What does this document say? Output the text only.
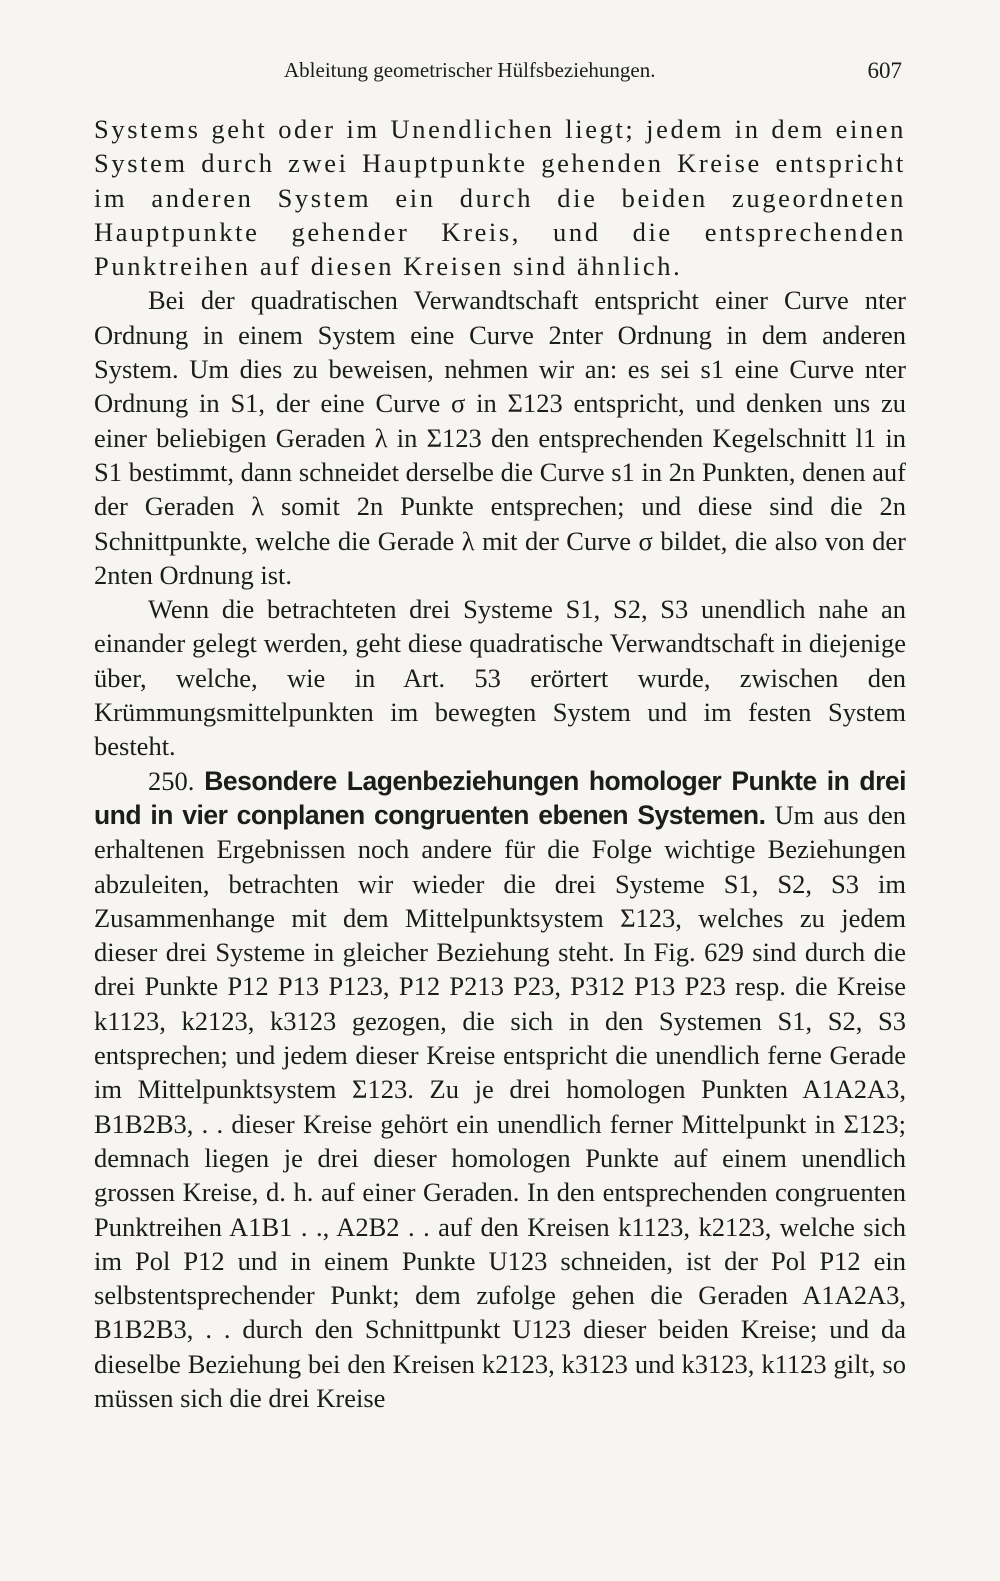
Ableitung geometrischer Hülfsbeziehungen.	607

Systems geht oder im Unendlichen liegt; jedem in dem einen System durch zwei Hauptpunkte gehenden Kreise entspricht im anderen System ein durch die beiden zugeordneten Hauptpunkte gehender Kreis, und die entsprechenden Punktreihen auf diesen Kreisen sind ähnlich.

Bei der quadratischen Verwandtschaft entspricht einer Curve nter Ordnung in einem System eine Curve 2nter Ordnung in dem anderen System. Um dies zu beweisen, nehmen wir an: es sei s1 eine Curve nter Ordnung in S1, der eine Curve σ in Σ123 entspricht, und denken uns zu einer beliebigen Geraden λ in Σ123 den entsprechenden Kegelschnitt l1 in S1 bestimmt, dann schneidet derselbe die Curve s1 in 2n Punkten, denen auf der Geraden λ somit 2n Punkte entsprechen; und diese sind die 2n Schnittpunkte, welche die Gerade λ mit der Curve σ bildet, die also von der 2nten Ordnung ist.

Wenn die betrachteten drei Systeme S1, S2, S3 unendlich nahe an einander gelegt werden, geht diese quadratische Verwandtschaft in diejenige über, welche, wie in Art. 53 erörtert wurde, zwischen den Krümmungsmittelpunkten im bewegten System und im festen System besteht.

250. Besondere Lagenbeziehungen homologer Punkte in drei und in vier conplanen congruenten ebenen Systemen. Um aus den erhaltenen Ergebnissen noch andere für die Folge wichtige Beziehungen abzuleiten, betrachten wir wieder die drei Systeme S1, S2, S3 im Zusammenhange mit dem Mittelpunktsystem Σ123, welches zu jedem dieser drei Systeme in gleicher Beziehung steht. In Fig. 629 sind durch die drei Punkte P12 P13 P123, P12 P213 P23, P312 P13 P23 resp. die Kreise k1123, k2123, k3123 gezogen, die sich in den Systemen S1, S2, S3 entsprechen; und jedem dieser Kreise entspricht die unendlich ferne Gerade im Mittelpunktsystem Σ123. Zu je drei homologen Punkten A1A2A3, B1B2B3, . . dieser Kreise gehört ein unendlich ferner Mittelpunkt in Σ123; demnach liegen je drei dieser homologen Punkte auf einem unendlich grossen Kreise, d. h. auf einer Geraden. In den entsprechenden congruenten Punktreihen A1B1 . ., A2B2 . . auf den Kreisen k1123, k2123, welche sich im Pol P12 und in einem Punkte U123 schneiden, ist der Pol P12 ein selbstentsprechender Punkt; dem zufolge gehen die Geraden A1A2A3, B1B2B3, . . durch den Schnittpunkt U123 dieser beiden Kreise; und da dieselbe Beziehung bei den Kreisen k2123, k3123 und k3123, k1123 gilt, so müssen sich die drei Kreise
